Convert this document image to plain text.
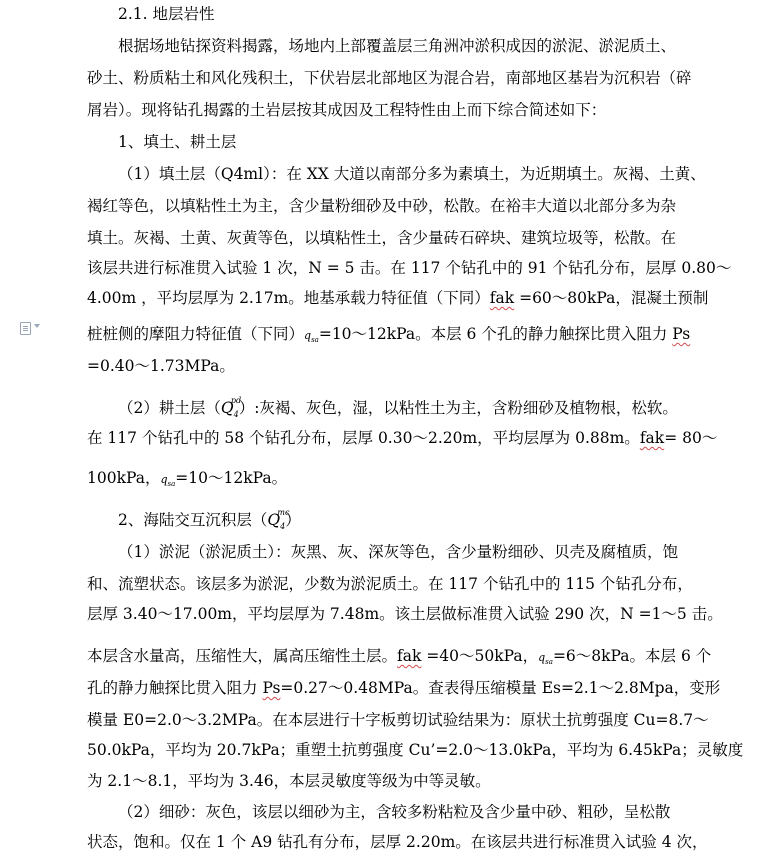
2.1. 地层岩性
根据场地钻探资料揭露，场地内上部覆盖层三角洲冲淤积成因的淤泥、淤泥质土、
砂土、粉质粘土和风化残积土，下伏岩层北部地区为混合岩，南部地区基岩为沉积岩（碎
屑岩）。现将钻孔揭露的土岩层按其成因及工程特性由上而下综合简述如下：
1、填土、耕土层
（1）填土层（Q4ml）：在 XX 大道以南部分多为素填土，为近期填土。灰褐、土黄、
褐红等色，以填粘性土为主，含少量粉细砂及中砂，松散。在裕丰大道以北部分多为杂
填土。灰褐、土黄、灰黄等色，以填粘性土，含少量砖石碎块、建筑垃圾等，松散。在
该层共进行标准贯入试验 1 次，N = 5 击。在 117 个钻孔中的 91 个钻孔分布，层厚 0.80～
4.00m ，平均层厚为 2.17m。地基承载力特征值（下同）fak =60～80kPa，混凝土预制
桩桩侧的摩阻力特征值（下同）$q_{sa}=10\sim 12kPa$。本层 6 个孔的静力触探比贯入阻力 Ps
=0.40～1.73MPa。
（2）耕土层（$Q_4$
pd
）:灰褐、灰色，湿，以粘性土为主，含粉细砂及植物根，松软。
在 117 个钻孔中的 58 个钻孔分布，层厚 0.30～2.20m，平均层厚为 0.88m。fak= 80～
100kPa，$q_{sa}=10\sim 12kPa$。
2、海陆交互沉积层（$Q_4$
mc
）
（1）淤泥（淤泥质土）：灰黑、灰、深灰等色，含少量粉细砂、贝壳及腐植质，饱
和、流塑状态。该层多为淤泥，少数为淤泥质土。在 117 个钻孔中的 115 个钻孔分布，
层厚 3.40～17.00m，平均层厚为 7.48m。该土层做标准贯入试验 290 次，N =1～5 击。
本层含水量高，压缩性大，属高压缩性土层。fak =40～50kPa，$q_{sa}=6\sim 8kPa$。本层 6 个
孔的静力触探比贯入阻力 Ps=0.27～0.48MPa。查表得压缩模量 Es=2.1～2.8Mpa，变形
模量 E0=2.0～3.2MPa。在本层进行十字板剪切试验结果为：原状土抗剪强度 Cu=8.7～
50.0kPa，平均为 20.7kPa；重塑土抗剪强度 Cu’=2.0～13.0kPa，平均为 6.45kPa；灵敏度
为 2.1～8.1，平均为 3.46，本层灵敏度等级为中等灵敏。
（2）细砂：灰色，该层以细砂为主，含较多粉粘粒及含少量中砂、粗砂，呈松散
状态，饱和。仅在 1 个 A9 钻孔有分布，层厚 2.20m。在该层共进行标准贯入试验 4 次，
